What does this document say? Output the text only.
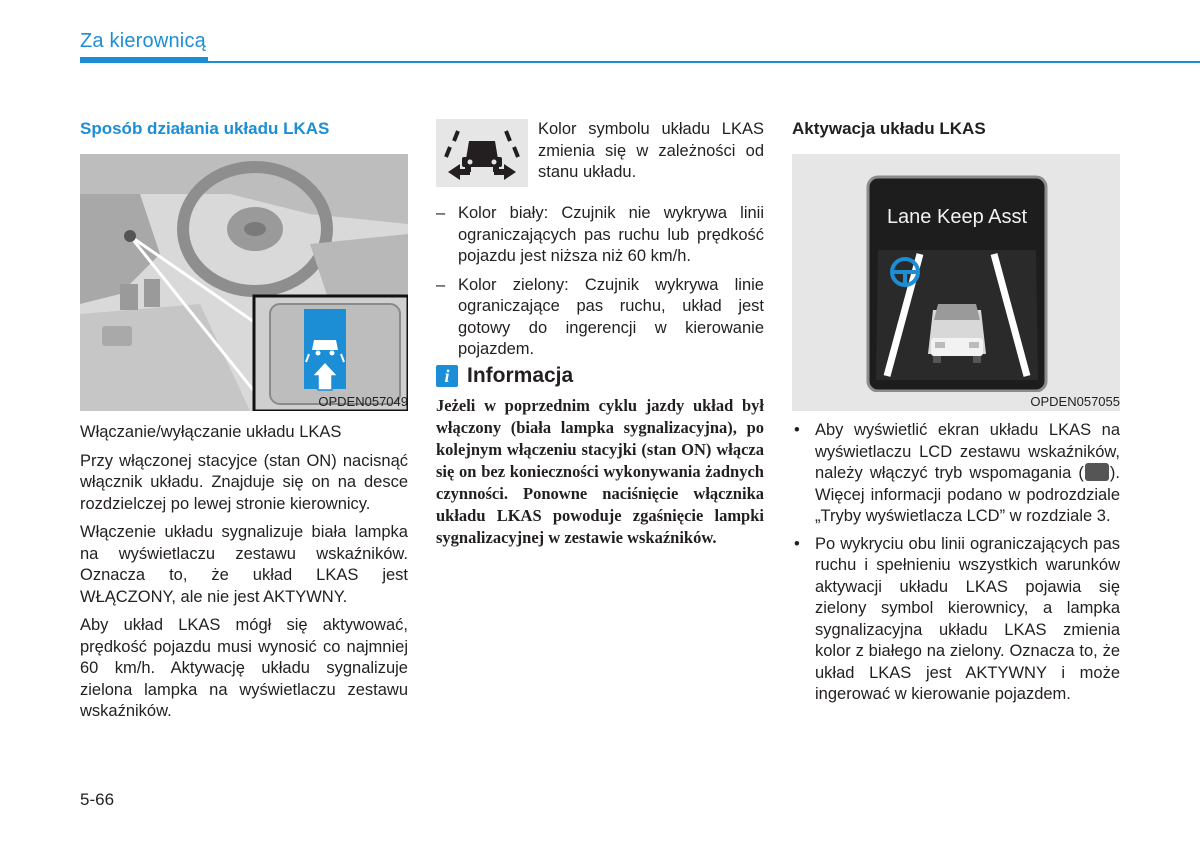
Za kierownicą
Sposób działania układu LKAS
OPDEN057049

Włączanie/wyłączanie układu LKAS

Przy włączonej stacyjce (stan ON) nacisnąć włącznik układu. Znajduje się on na desce rozdzielczej po lewej stronie kierownicy.

Włączenie układu sygnalizuje biała lampka na wyświetlaczu zestawu wskaźników. Oznacza to, że układ LKAS jest WŁĄCZONY, ale nie jest AKTYWNY.

Aby układ LKAS mógł się aktywować, prędkość pojazdu musi wynosić co najmniej 60 km/h. Aktywację układu sygnalizuje zielona lampka na wyświetlaczu zestawu wskaźników.

Kolor symbolu układu LKAS zmienia się w zależności od stanu układu.
– Kolor biały: Czujnik nie wykrywa linii ograniczających pas ruchu lub prędkość pojazdu jest niższa niż 60 km/h.
– Kolor zielony: Czujnik wykrywa linie ograniczające pas ruchu, układ jest gotowy do ingerencji w kierowanie pojazdem.
i Informacja
Jeżeli w poprzednim cyklu jazdy układ był włączony (biała lampka sygnalizacyjna), po kolejnym włączeniu stacyjki (stan ON) włącza się on bez konieczności wykonywania żadnych czynności. Ponowne naciśnięcie włącznika układu LKAS powoduje zgaśnięcie lampki sygnalizacyjnej w zestawie wskaźników.
Aktywacja układu LKAS
Lane Keep Asst
OPDEN057055
• Aby wyświetlić ekran układu LKAS na wyświetlaczu LCD zestawu wskaźników, należy włączyć tryb wspomagania ( ). Więcej informacji podano w podrozdziale „Tryby wyświetlacza LCD” w rozdziale 3.
• Po wykryciu obu linii ograniczających pas ruchu i spełnieniu wszystkich warunków aktywacji układu LKAS pojawia się zielony symbol kierownicy, a lampka sygnalizacyjna układu LKAS zmienia kolor z białego na zielony. Oznacza to, że układ LKAS jest AKTYWNY i może ingerować w kierowanie pojazdem.
5-66
